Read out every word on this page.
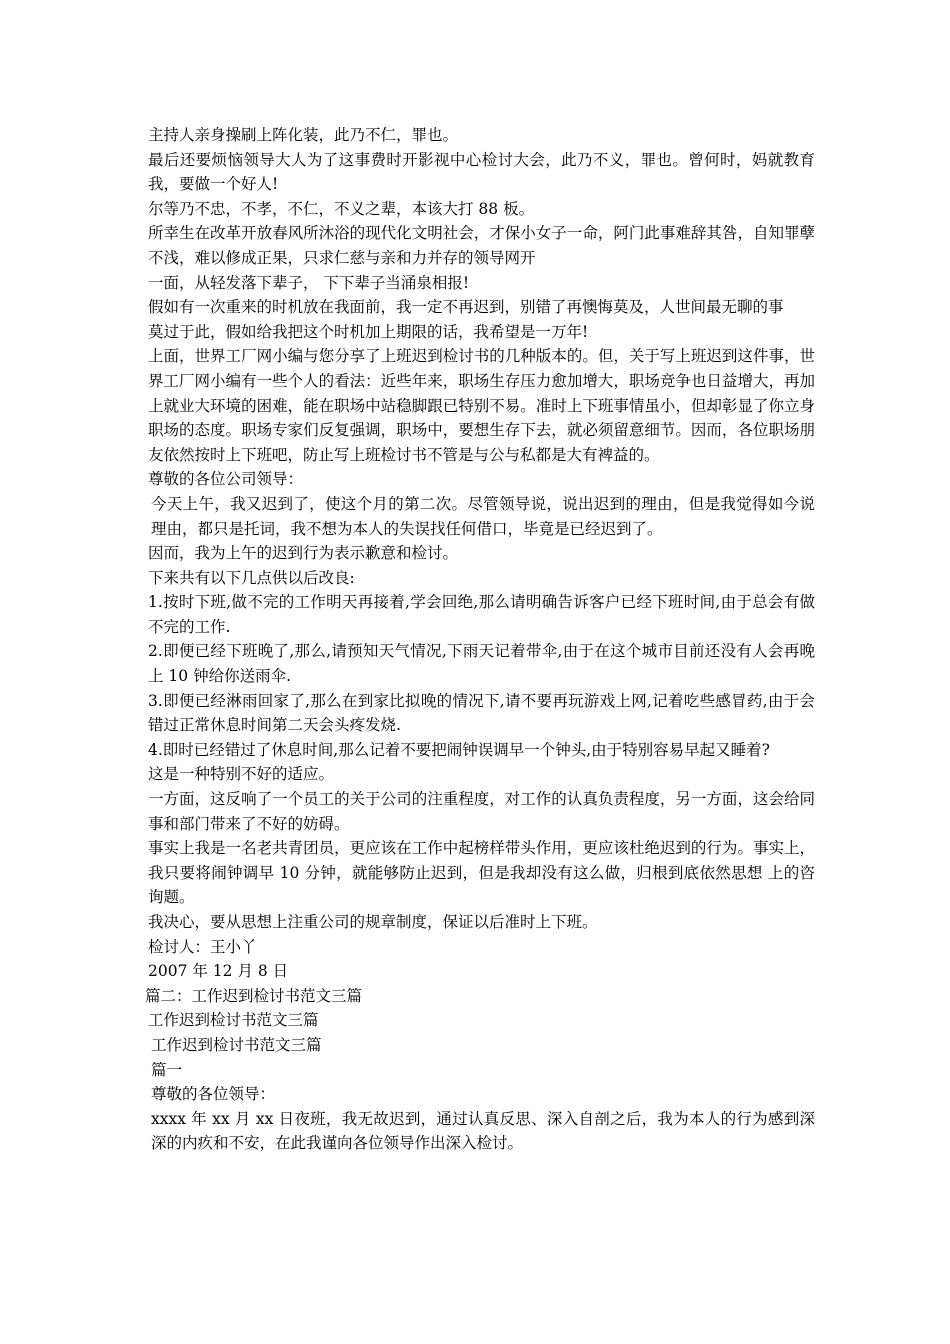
主持人亲身操刷上阵化装，此乃不仁，罪也。

最后还要烦恼领导大人为了这事费时开影视中心检讨大会，此乃不义，罪也。曾何时，妈就教育我，要做一个好人!

尔等乃不忠，不孝，不仁，不义之辈，本该大打 88 板。

所幸生在改革开放春风所沐浴的现代化文明社会，才保小女子一命，阿门此事难辞其咎，自知罪孽不浅，难以修成正果，只求仁慈与亲和力并存的领导网开

一面，从轻发落下辈子， 下下辈子当涌泉相报!

假如有一次重来的时机放在我面前，我一定不再迟到，别错了再懊悔莫及，人世间最无聊的事

莫过于此，假如给我把这个时机加上期限的话，我希望是一万年!

上面，世界工厂网小编与您分享了上班迟到检讨书的几种版本的。但，关于写上班迟到这件事，世界工厂网小编有一些个人的看法：近些年来，职场生存压力愈加增大，职场竞争也日益增大，再加上就业大环境的困难，能在职场中站稳脚跟已特别不易。准时上下班事情虽小，但却彰显了你立身职场的态度。职场专家们反复强调，职场中，要想生存下去，就必须留意细节。因而，各位职场朋友依然按时上下班吧，防止写上班检讨书不管是与公与私都是大有裨益的。

尊敬的各位公司领导：

今天上午，我又迟到了，使这个月的第二次。尽管领导说，说出迟到的理由，但是我觉得如今说理由，都只是托词，我不想为本人的失误找任何借口，毕竟是已经迟到了。

因而，我为上午的迟到行为表示歉意和检讨。

下来共有以下几点供以后改良:

1.按时下班,做不完的工作明天再接着,学会回绝,那么请明确告诉客户已经下班时间,由于总会有做不完的工作.

2.即便已经下班晚了,那么,请预知天气情况,下雨天记着带伞,由于在这个城市目前还没有人会再晚上 10 钟给你送雨伞.

3.即便已经淋雨回家了,那么在到家比拟晚的情况下,请不要再玩游戏上网,记着吃些感冒药,由于会错过正常休息时间第二天会头疼发烧.

4.即时已经错过了休息时间,那么记着不要把闹钟误调早一个钟头,由于特别容易早起又睡着?

这是一种特别不好的适应。

一方面，这反响了一个员工的关于公司的注重程度，对工作的认真负责程度，另一方面，这会给同事和部门带来了不好的妨碍。

事实上我是一名老共青团员，更应该在工作中起榜样带头作用，更应该杜绝迟到的行为。事实上，我只要将闹钟调早 10 分钟，就能够防止迟到，但是我却没有这么做，归根到底依然思想 上的咨询题。

我决心，要从思想上注重公司的规章制度，保证以后准时上下班。

检讨人：王小丫

2007 年 12 月 8 日

篇二：工作迟到检讨书范文三篇

工作迟到检讨书范文三篇

工作迟到检讨书范文三篇

篇一

尊敬的各位领导：

xxxx 年 xx 月 xx 日夜班，我无故迟到，通过认真反思、深入自剖之后，我为本人的行为感到深深的内疚和不安，在此我谨向各位领导作出深入检讨。
